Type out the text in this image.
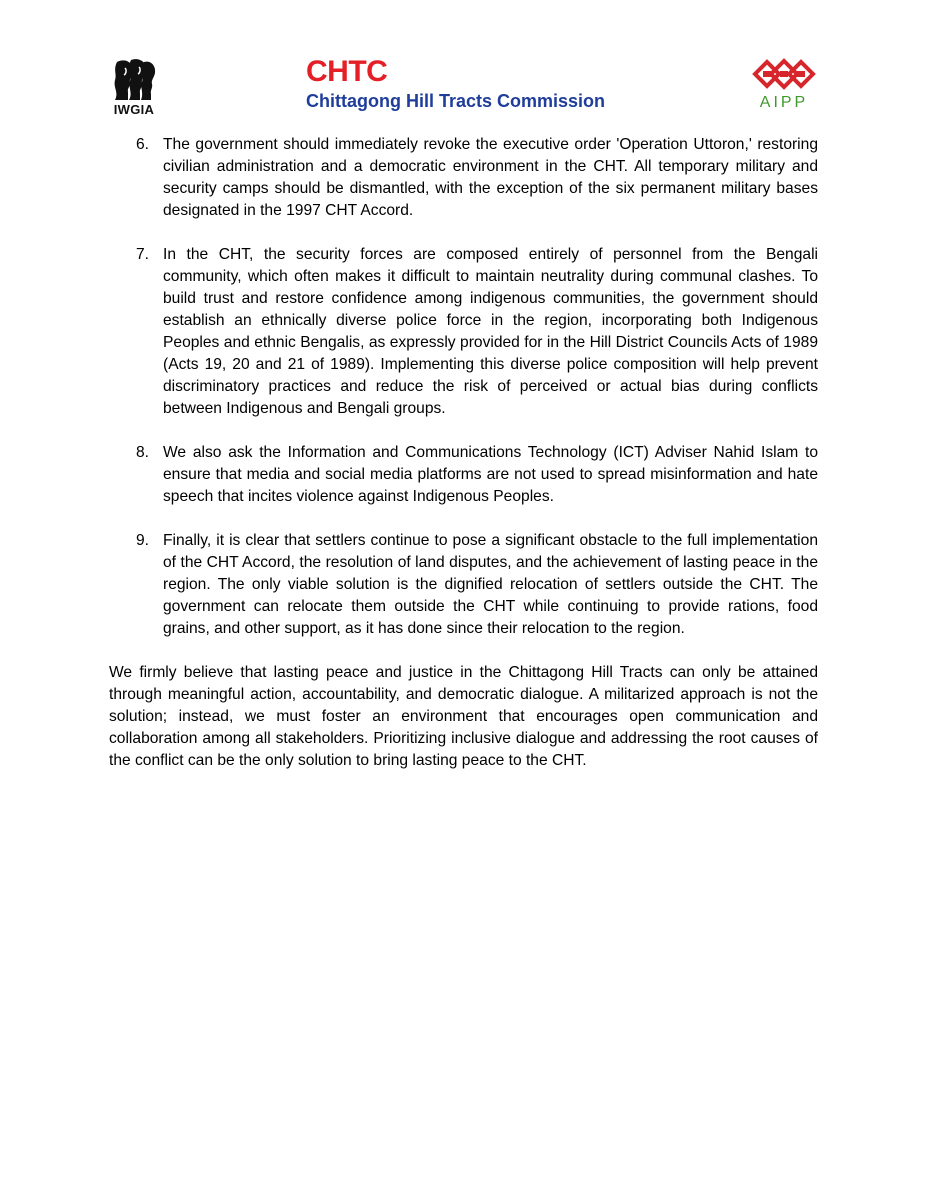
IWGIA
CHTC
Chittagong Hill Tracts Commission	AIPP
6. The government should immediately revoke the executive order 'Operation Uttoron,' restoring civilian administration and a democratic environment in the CHT. All temporary military and security camps should be dismantled, with the exception of the six permanent military bases designated in the 1997 CHT Accord.
7. In the CHT, the security forces are composed entirely of personnel from the Bengali community, which often makes it difficult to maintain neutrality during communal clashes. To build trust and restore confidence among indigenous communities, the government should establish an ethnically diverse police force in the region, incorporating both Indigenous Peoples and ethnic Bengalis, as expressly provided for in the Hill District Councils Acts of 1989 (Acts 19, 20 and 21 of 1989). Implementing this diverse police composition will help prevent discriminatory practices and reduce the risk of perceived or actual bias during conflicts between Indigenous and Bengali groups.
8. We also ask the Information and Communications Technology (ICT) Adviser Nahid Islam to ensure that media and social media platforms are not used to spread misinformation and hate speech that incites violence against Indigenous Peoples.
9. Finally, it is clear that settlers continue to pose a significant obstacle to the full implementation of the CHT Accord, the resolution of land disputes, and the achievement of lasting peace in the region. The only viable solution is the dignified relocation of settlers outside the CHT. The government can relocate them outside the CHT while continuing to provide rations, food grains, and other support, as it has done since their relocation to the region.

We firmly believe that lasting peace and justice in the Chittagong Hill Tracts can only be attained through meaningful action, accountability, and democratic dialogue. A militarized approach is not the solution; instead, we must foster an environment that encourages open communication and collaboration among all stakeholders. Prioritizing inclusive dialogue and addressing the root causes of the conflict can be the only solution to bring lasting peace to the CHT.
